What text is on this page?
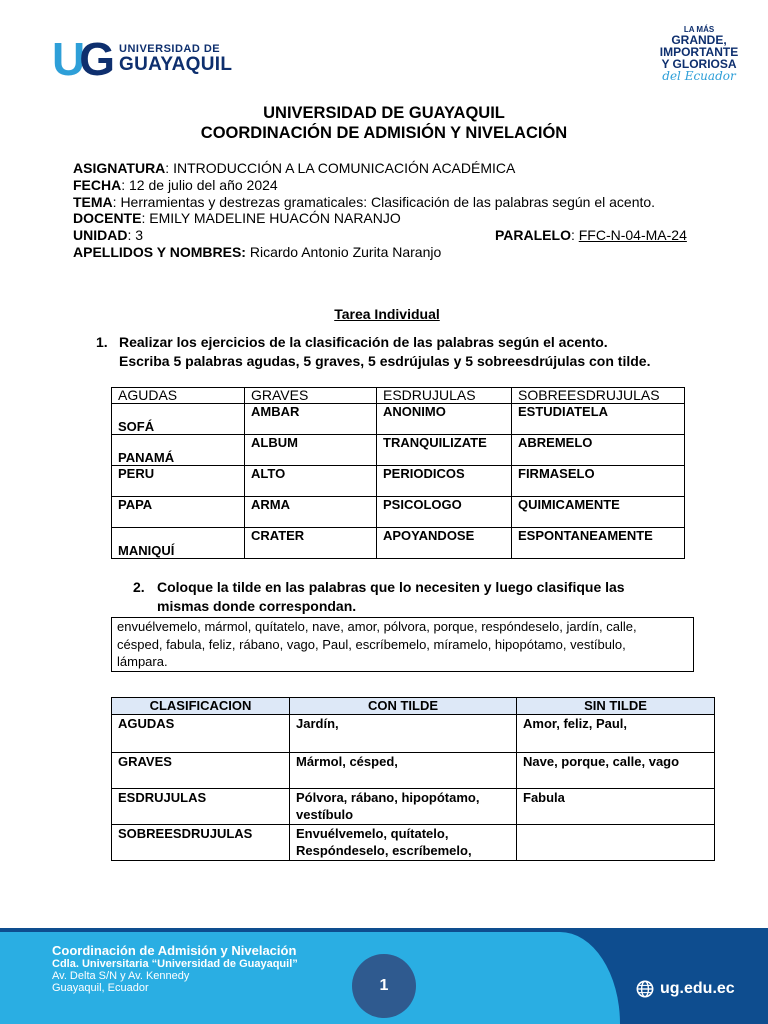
UG UNIVERSIDAD DE
GUAYAQUIL
LA MÁS
GRANDE,
IMPORTANTE
Y GLORIOSA
del Ecuador
UNIVERSIDAD DE GUAYAQUIL
COORDINACIÓN DE ADMISIÓN Y NIVELACIÓN
ASIGNATURA: INTRODUCCIÓN A LA COMUNICACIÓN ACADÉMICA
FECHA: 12 de julio del año 2024
TEMA: Herramientas y destrezas gramaticales: Clasificación de las palabras según el acento.
DOCENTE: EMILY MADELINE HUACÓN NARANJO
UNIDAD: 3	PARALELO: FFC-N-04-MA-24
APELLIDOS Y NOMBRES: Ricardo Antonio Zurita Naranjo
Tarea Individual
1. Realizar los ejercicios de la clasificación de las palabras según el acento.
Escriba 5 palabras agudas, 5 graves, 5 esdrújulas y 5 sobreesdrújulas con tilde.
AGUDAS	GRAVES	ESDRUJULAS	SOBREESDRUJULAS
SOFÁ	AMBAR	ANONIMO	ESTUDIATELA
PANAMÁ	ALBUM	TRANQUILIZATE	ABREMELO
PERU	ALTO	PERIODICOS	FIRMASELO
PAPA	ARMA	PSICOLOGO	QUIMICAMENTE
MANIQUÍ	CRATER	APOYANDOSE	ESPONTANEAMENTE
2. Coloque la tilde en las palabras que lo necesiten y luego clasifique las
mismas donde correspondan.
envuélvemelo, mármol, quítatelo, nave, amor, pólvora, porque, respóndeselo, jardín, calle,
césped, fabula, feliz, rábano, vago, Paul, escríbemelo, míramelo, hipopótamo, vestíbulo,
lámpara.
CLASIFICACION	CON TILDE	SIN TILDE
AGUDAS	Jardín,	Amor, feliz, Paul,

GRAVES	Mármol, césped,	Nave, porque, calle, vago

ESDRUJULAS	Pólvora, rábano, hipopótamo,
vestíbulo	Fabula

SOBREESDRUJULAS	Envuélvemelo, quítatelo,
Respóndeselo, escríbemelo,	

Coordinación de Admisión y Nivelación
Cdla. Universitaria “Universidad de Guayaquil”
Av. Delta S/N y Av. Kennedy
Guayaquil, Ecuador	1	ug.edu.ec
